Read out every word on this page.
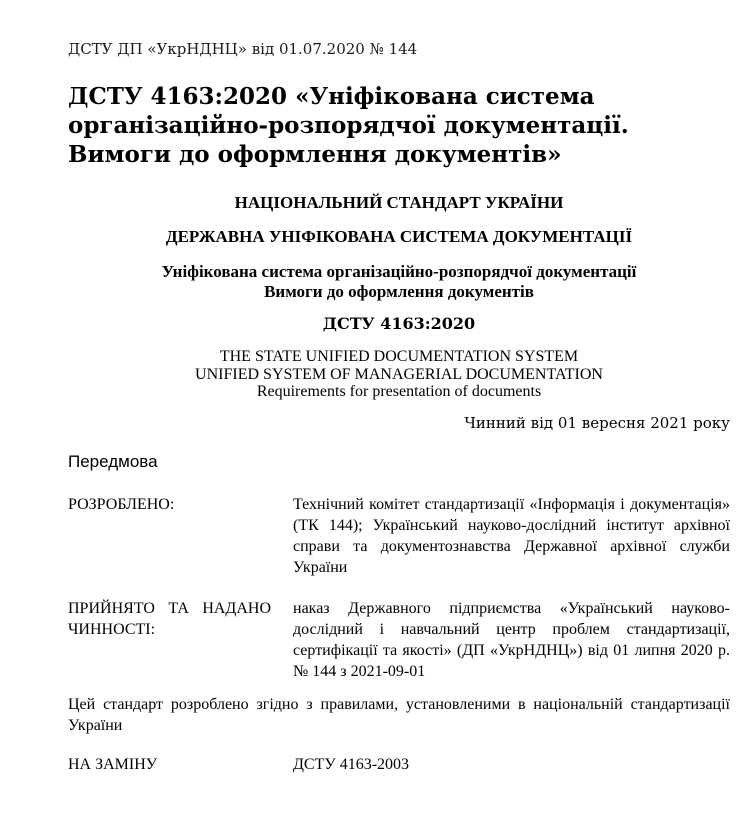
ДСТУ ДП «УкрНДНЦ» від 01.07.2020 № 144
ДСТУ 4163:2020 «Уніфікована система
організаційно-розпорядчої документації.
Вимоги до оформлення документів»
НАЦІОНАЛЬНИЙ СТАНДАРТ УКРАЇНИ
ДЕРЖАВНА УНІФІКОВАНА СИСТЕМА ДОКУМЕНТАЦІЇ
Уніфікована система організаційно-розпорядчої документації
Вимоги до оформлення документів
ДСТУ 4163:2020
THE STATE UNIFIED DOCUMENTATION SYSTEM
UNIFIED SYSTEM OF MANAGERIAL DOCUMENTATION
Requirements for presentation of documents
Чинний від 01 вересня 2021 року
Передмова
РОЗРОБЛЕНО:	Технічний комітет стандартизації «Інформація і документація» (ТК 144); Український науково-дослідний інститут архівної справи та документознавства Державної архівної служби України
ПРИЙНЯТО ТА НАДАНО ЧИННОСТІ:
наказ Державного підприємства «Український науково-дослідний і навчальний центр проблем стандартизації, сертифікації та якості» (ДП «УкрНДНЦ») від 01 липня 2020 р. № 144 з 2021-09-01
Цей стандарт розроблено згідно з правилами, установленими в національній стандартизації України
НА ЗАМІНУ	ДСТУ 4163-2003
